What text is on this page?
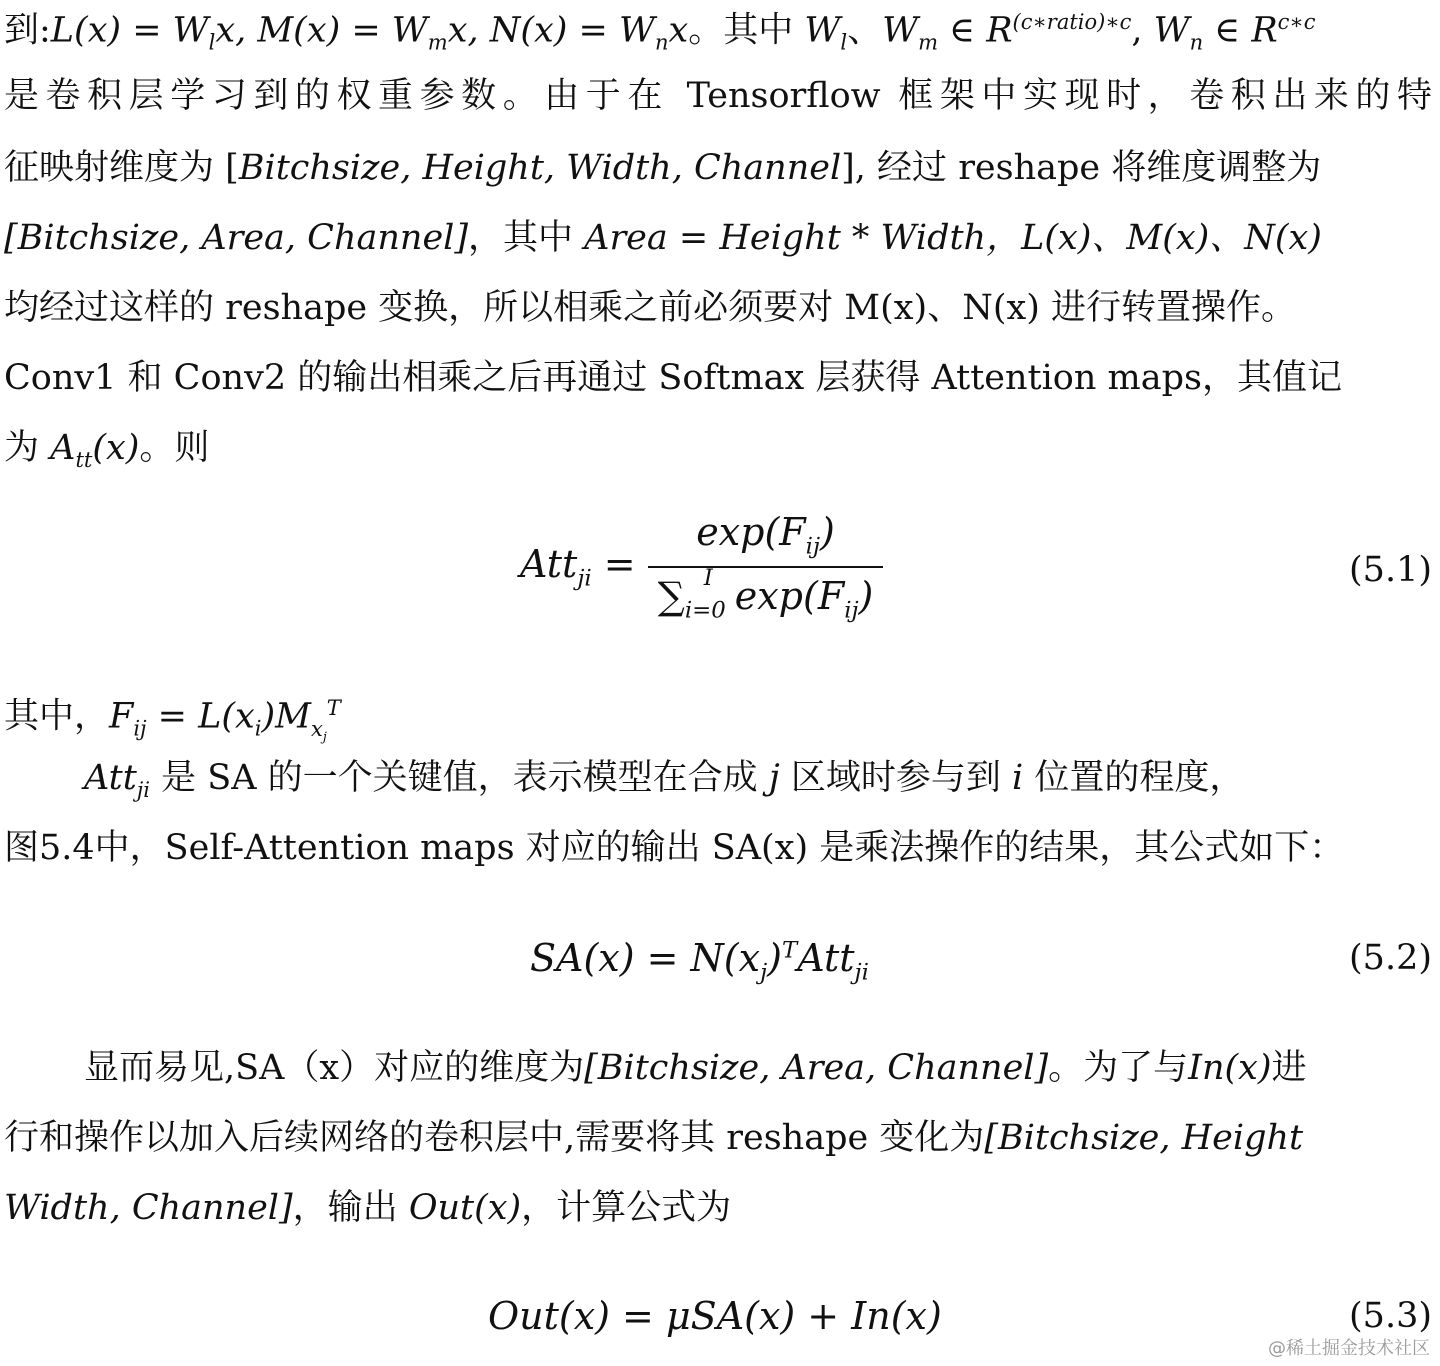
到:L(x) = $W_lx$, $M(x) = W_mx$, $N(x) = W_nx$。其中 $W_l$、$W_m$ ∈ $R^{(c∗ratio)∗c}$, $W_n$ ∈ $R^{c∗c}$
是卷积层学习到的权重参数。由于在 Tensorflow 框架中实现时，卷积出来的特
征映射维度为 [Bitchsize, Height, Width, Channel], 经过 reshape 将维度调整为
[Bitchsize, Area, Channel]，其中 Area = Height * Width，L(x)、M(x)、N(x)
均经过这样的 reshape 变换，所以相乘之前必须要对 M(x)、N(x) 进行转置操作。
Conv1 和 Conv2 的输出相乘之后再通过 Softmax 层获得 Attention maps，其值记
为 $A_{tt}(x)$。则
$Att_{ji} = \frac{\exp(F_{ij})}{\sum_{i=0}^I \exp(F_{ij})}$	(5.1)
其中，$F_{ij} = L(x_i)M_{x_j}^T$
Att$_{ji}$ 是 SA 的一个关键值，表示模型在合成 j 区域时参与到 i 位置的程度，
图5.4中，Self-Attention maps 对应的输出 SA(x) 是乘法操作的结果，其公式如下：
$SA(x) = N(x_j)^TAtt_{ji}$	(5.2)
显而易见,SA（x）对应的维度为[Bitchsize, Area, Channel]。为了与In(x)进
行和操作以加入后续网络的卷积层中,需要将其 reshape 变化为[Bitchsize, Height
Width, Channel]，输出 Out(x)，计算公式为
Out(x) = μSA(x) + In(x)	(5.3)
@稀土掘金技术社区
